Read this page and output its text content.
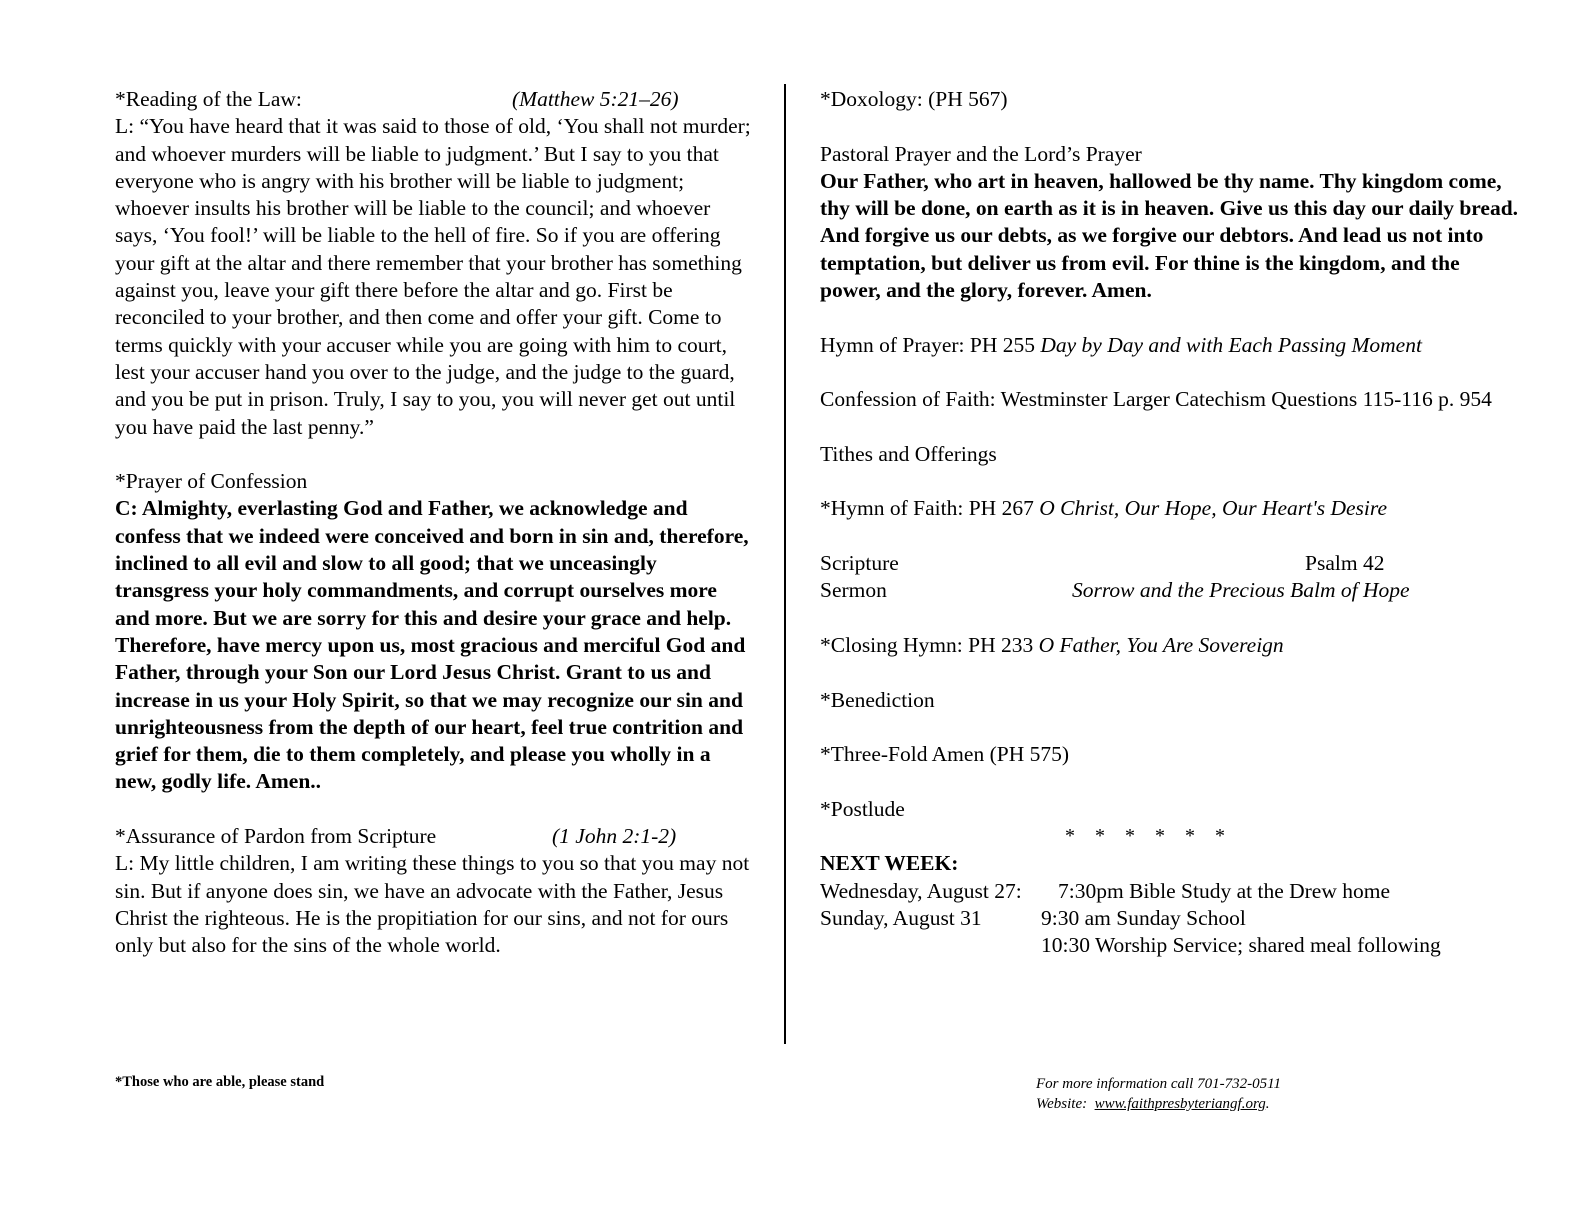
*Reading of the Law:	(Matthew 5:21–26)

L: “You have heard that it was said to those of old, ‘You shall not murder; and whoever murders will be liable to judgment.’ But I say to you that everyone who is angry with his brother will be liable to judgment; whoever insults his brother will be liable to the council; and whoever says, ‘You fool!’ will be liable to the hell of fire. So if you are offering your gift at the altar and there remember that your brother has something against you, leave your gift there before the altar and go. First be reconciled to your brother, and then come and offer your gift. Come to terms quickly with your accuser while you are going with him to court, lest your accuser hand you over to the judge, and the judge to the guard, and you be put in prison. Truly, I say to you, you will never get out until you have paid the last penny.”

*Prayer of Confession

C: Almighty, everlasting God and Father, we acknowledge and confess that we indeed were conceived and born in sin and, therefore, inclined to all evil and slow to all good; that we unceasingly transgress your holy commandments, and corrupt ourselves more and more. But we are sorry for this and desire your grace and help. Therefore, have mercy upon us, most gracious and merciful God and Father, through your Son our Lord Jesus Christ. Grant to us and increase in us your Holy Spirit, so that we may recognize our sin and unrighteousness from the depth of our heart, feel true contrition and grief for them, die to them completely, and please you wholly in a new, godly life. Amen..

*Assurance of Pardon from Scripture	(1 John 2:1-2)

L: My little children, I am writing these things to you so that you may not sin. But if anyone does sin, we have an advocate with the Father, Jesus Christ the righteous. He is the propitiation for our sins, and not for ours only but also for the sins of the whole world.

*Doxology: (PH 567)

Pastoral Prayer and the Lord’s Prayer

Our Father, who art in heaven, hallowed be thy name. Thy kingdom come, thy will be done, on earth as it is in heaven. Give us this day our daily bread. And forgive us our debts, as we forgive our debtors. And lead us not into temptation, but deliver us from evil. For thine is the kingdom, and the power, and the glory, forever. Amen.

Hymn of Prayer: PH 255 Day by Day and with Each Passing Moment

Confession of Faith: Westminster Larger Catechism Questions 115-116 p. 954

Tithes and Offerings

*Hymn of Faith: PH 267 O Christ, Our Hope, Our Heart's Desire

Scripture	Psalm 42
Sermon	Sorrow and the Precious Balm of Hope

*Closing Hymn: PH 233 O Father, You Are Sovereign

*Benediction

*Three-Fold Amen (PH 575)

*Postlude

*    *    *    *    *    *

NEXT WEEK:

Wednesday, August 27: 7:30pm Bible Study at the Drew home
Sunday, August 31	9:30 am Sunday School
10:30 Worship Service; shared meal following
*Those who are able, please stand	For more information call 701-732-0511
Website:  www.faithpresbyteriangf.org.
